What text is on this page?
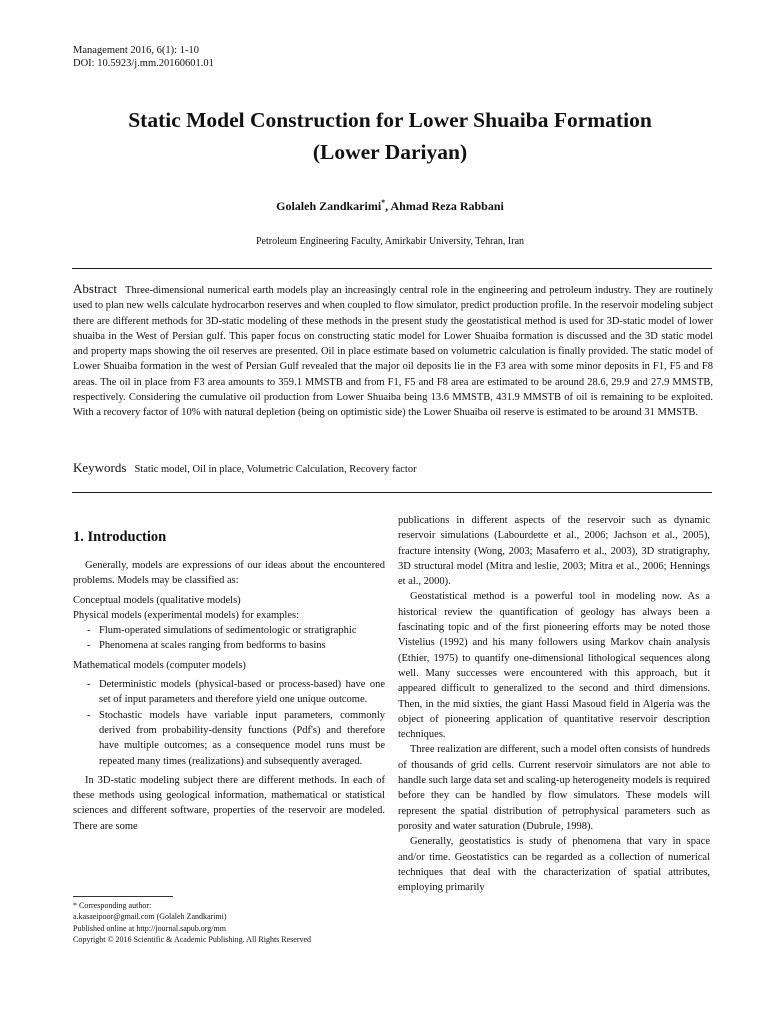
Management 2016, 6(1): 1-10
DOI: 10.5923/j.mm.20160601.01
Static Model Construction for Lower Shuaiba Formation
(Lower Dariyan)
Golaleh Zandkarimi*, Ahmad Reza Rabbani
Petroleum Engineering Faculty, Amirkabir University, Tehran, Iran

Abstract Three-dimensional numerical earth models play an increasingly central role in the engineering and petroleum industry. They are routinely used to plan new wells calculate hydrocarbon reserves and when coupled to flow simulator, predict production profile. In the reservoir modeling subject there are different methods for 3D-static modeling of these methods in the present study the geostatistical method is used for 3D-static model of lower shuaiba in the West of Persian gulf. This paper focus on constructing static model for Lower Shuaiba formation is discussed and the 3D static model and property maps showing the oil reserves are presented. Oil in place estimate based on volumetric calculation is finally provided. The static model of Lower Shuaiba formation in the west of Persian Gulf revealed that the major oil deposits lie in the F3 area with some minor deposits in F1, F5 and F8 areas. The oil in place from F3 area amounts to 359.1 MMSTB and from F1, F5 and F8 area are estimated to be around 28.6, 29.9 and 27.9 MMSTB, respectively. Considering the cumulative oil production from Lower Shuaiba being 13.6 MMSTB, 431.9 MMSTB of oil is remaining to be exploited. With a recovery factor of 10% with natural depletion (being on optimistic side) the Lower Shuaiba oil reserve is estimated to be around 31 MMSTB.

Keywords Static model, Oil in place, Volumetric Calculation, Recovery factor
1. Introduction

Generally, models are expressions of our ideas about the encountered problems. Models may be classified as:

Conceptual models (qualitative models)

Physical models (experimental models) for examples:

- Flum-operated simulations of sedimentologic or stratigraphic
- Phenomena at scales ranging from bedforms to basins

Mathematical models (computer models)

- Deterministic models (physical-based or process-based) have one set of input parameters and therefore yield one unique outcome.
- Stochastic models have variable input parameters, commonly derived from probability-density functions (Pdf's) and therefore have multiple outcomes; as a consequence model runs must be repeated many times (realizations) and subsequently averaged.

In 3D-static modeling subject there are different methods. In each of these methods using geological information, mathematical or statistical sciences and different software, properties of the reservoir are modeled. There are some

publications in different aspects of the reservoir such as dynamic reservoir simulations (Labourdette et al., 2006; Jachson et al., 2005), fracture intensity (Wong, 2003; Masaferro et al., 2003), 3D stratigraphy, 3D structural model (Mitra and leslie, 2003; Mitra et al., 2006; Hennings et al., 2000).

Geostatistical method is a powerful tool in modeling now. As a historical review the quantification of geology has always been a fascinating topic and of the first pioneering efforts may be noted those Vistelius (1992) and his many followers using Markov chain analysis (Ethier, 1975) to quantify one-dimensional lithological sequences along well. Many successes were encountered with this approach, but it appeared difficult to generalized to the second and third dimensions. Then, in the mid sixties, the giant Hassi Masoud field in Algeria was the object of pioneering application of quantitative reservoir description techniques.

Three realization are different, such a model often consists of hundreds of thousands of grid cells. Current reservoir simulators are not able to handle such large data set and scaling-up heterogeneity models is required before they can be handled by flow simulators. These models will represent the spatial distribution of petrophysical parameters such as porosity and water saturation (Dubrule, 1998).

Generally, geostatistics is study of phenomena that vary in space and/or time. Geostatistics can be regarded as a collection of numerical techniques that deal with the characterization of spatial attributes, employing primarily

* Corresponding author:
a.kasaeipoor@gmail.com (Golaleh Zandkarimi)
Published online at http://journal.sapub.org/mm
Copyright © 2016 Scientific & Academic Publishing. All Rights Reserved
